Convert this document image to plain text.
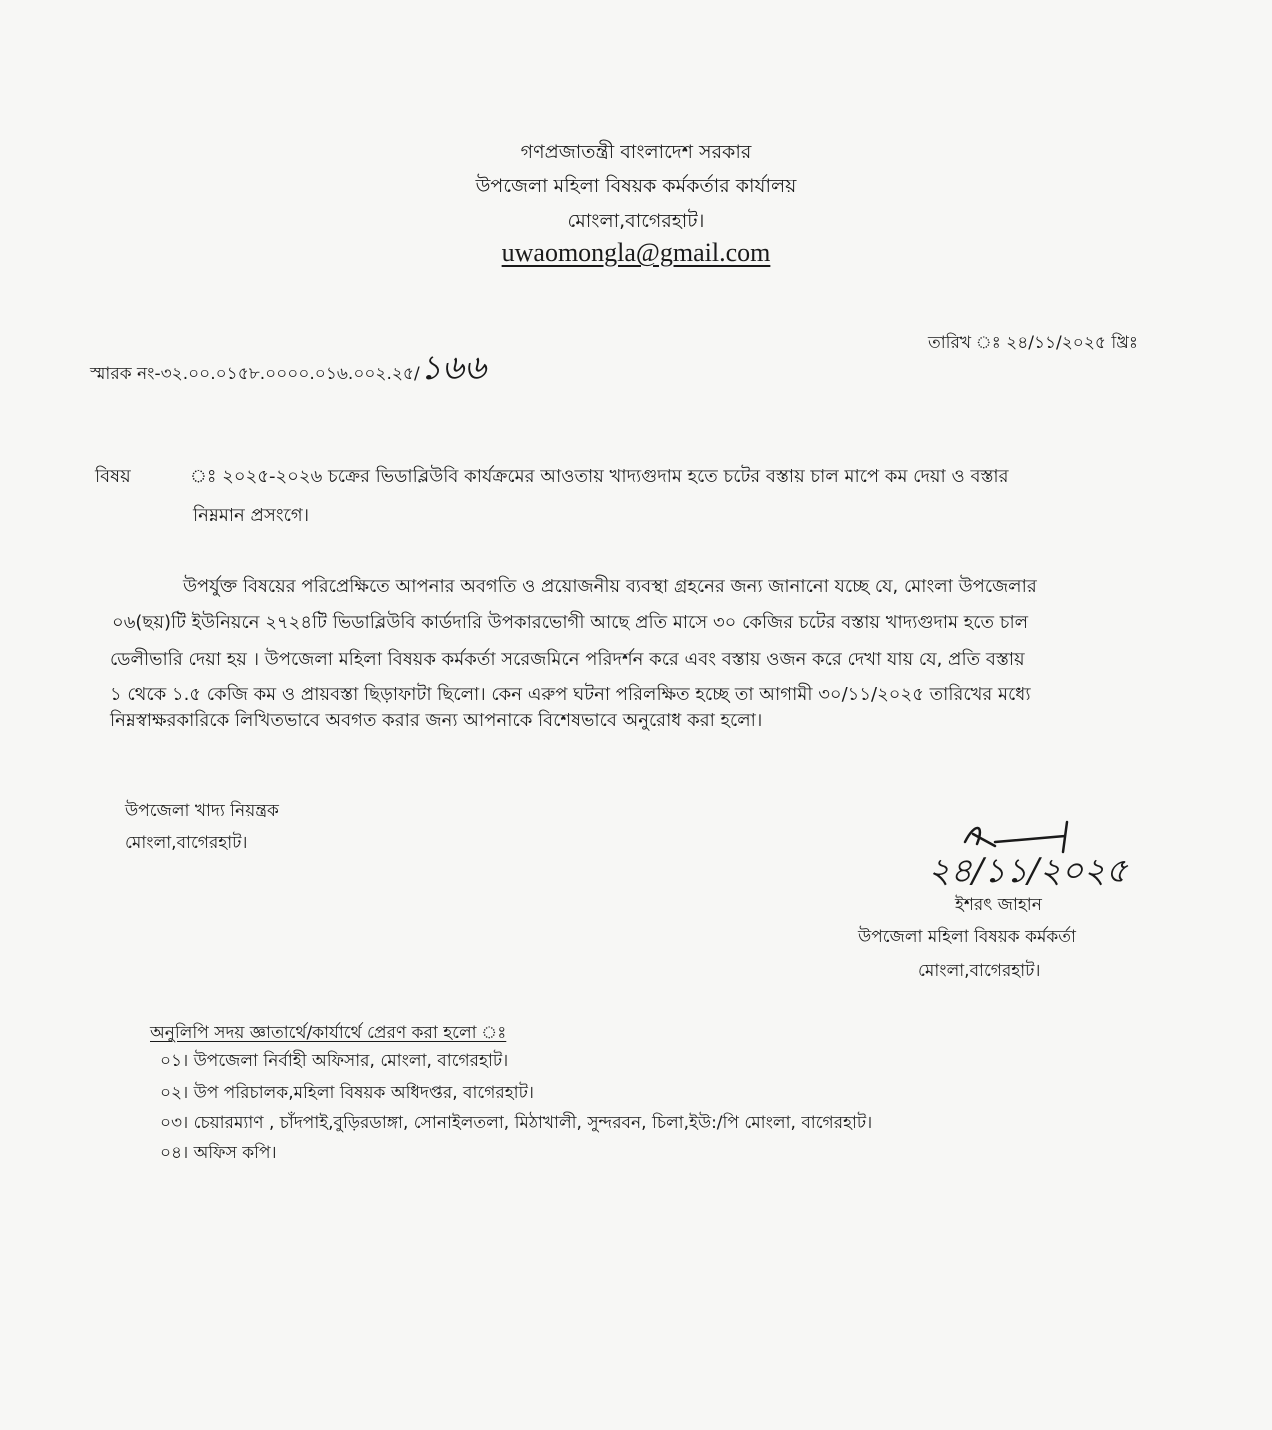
গণপ্রজাতন্ত্রী বাংলাদেশ সরকার
উপজেলা মহিলা বিষয়ক কর্মকর্তার কার্যালয়
মোংলা,বাগেরহাট।
uwaomongla@gmail.com
স্মারক নং-৩২.০০.০১৫৮.০০০০.০১৬.০০২.২৫/১৬৬
তারিখ ঃ ২৪/১১/২০২৫ খ্রিঃ
বিষয়	ঃ ২০২৫-২০২৬ চক্রের ভিডাব্লিউবি কার্যক্রমের আওতায় খাদ্যগুদাম হতে চটের বস্তায় চাল মাপে কম দেয়া ও বস্তার
নিম্নমান প্রসংগে।
উপর্যুক্ত বিষয়ের পরিপ্রেক্ষিতে আপনার অবগতি ও প্রয়োজনীয় ব্যবস্থা গ্রহনের জন্য জানানো যচ্ছে যে, মোংলা উপজেলার
০৬(ছয়)টি ইউনিয়নে ২৭২৪টি ভিডাব্লিউবি কার্ডদারি উপকারভোগী আছে প্রতি মাসে ৩০ কেজির চটের বস্তায় খাদ্যগুদাম হতে চাল
ডেলীভারি দেয়া হয় । উপজেলা মহিলা বিষয়ক কর্মকর্তা সরেজমিনে পরিদর্শন করে এবং বস্তায় ওজন করে দেখা যায় যে, প্রতি বস্তায়
১ থেকে ১.৫ কেজি কম ও প্রায়বস্তা ছিড়াফাটা ছিলো। কেন এরুপ ঘটনা পরিলক্ষিত হচ্ছে তা আগামী ৩০/১১/২০২৫ তারিখের মধ্যে
নিম্নস্বাক্ষরকারিকে লিখিতভাবে অবগত করার জন্য আপনাকে বিশেষভাবে অনুরোধ করা হলো।
উপজেলা খাদ্য নিয়ন্ত্রক
মোংলা,বাগেরহাট।
২৪/১১/২০২৫
ইশরৎ জাহান
উপজেলা মহিলা বিষয়ক কর্মকর্তা
মোংলা,বাগেরহাট।
অনুলিপি সদয় জ্ঞাতার্থে/কার্যার্থে প্রেরণ করা হলো ঃ
০১। উপজেলা নির্বাহী অফিসার, মোংলা, বাগেরহাট।
০২। উপ পরিচালক,মহিলা বিষয়ক অধিদপ্তর, বাগেরহাট।
০৩। চেয়ারম্যাণ , চাঁদপাই,বুড়িরডাঙ্গা, সোনাইলতলা, মিঠাখালী, সুন্দরবন, চিলা,ইউ:/পি মোংলা, বাগেরহাট।
০৪। অফিস কপি।
